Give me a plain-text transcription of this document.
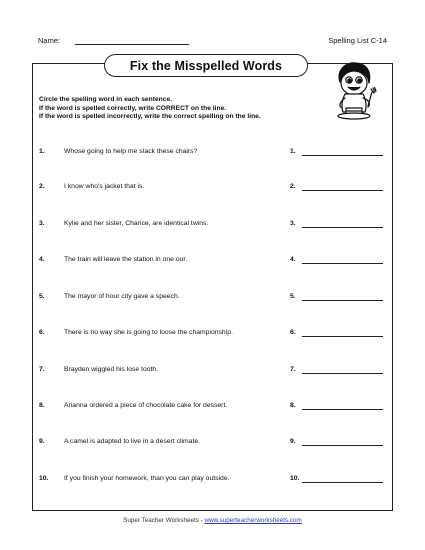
Name:	Spelling List C-14
Fix the Misspelled Words
Circle the spelling word in each sentence.
If the word is spelled correctly, write CORRECT on the line.
If the word is spelled incorrectly, write the correct spelling on the line.
1.	Whose going to help me stack these chairs?	1.
2.	I know who's jacket that is.	2.
3.	Kylie and her sister, Charice, are identical twins.	3.
4.	The train will leave the station in one our.	4.
5.	The mayor of hour city gave a speech.	5.
6.	There is no way she is going to loose the championship.	6.
7.	Brayden wiggled his lose tooth.	7.
8.	Arianna ordered a piece of chocolate cake for dessert.	8.
9.	A camel is adapted to live in a desert climate.	9.
10. If you finish your homework, than you can play outside.	10.
Super Teacher Worksheets - www.superteacherworksheets.com
